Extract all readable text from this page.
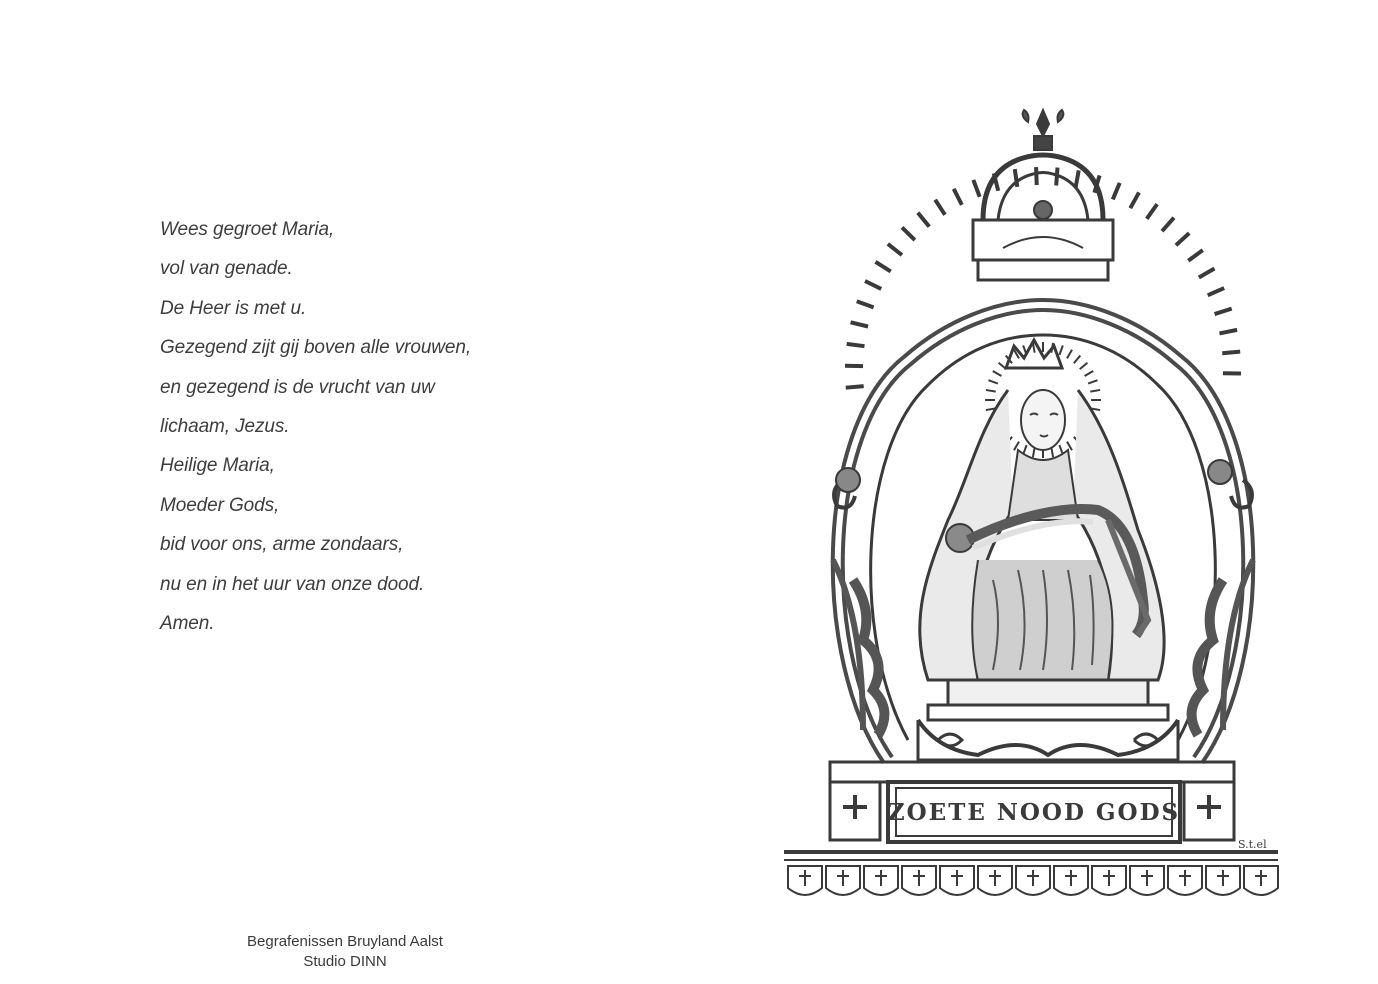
Wees gegroet Maria,
vol van genade.
De Heer is met u.
Gezegend zijt gij boven alle vrouwen,
en gezegend is de vrucht van uw
lichaam, Jezus.
Heilige Maria,
Moeder Gods,
bid voor ons, arme zondaars,
nu en in het uur van onze dood.
Amen.
ZOETE NOOD GODS
S.t.el
Begrafenissen Bruyland Aalst
Studio DINN
